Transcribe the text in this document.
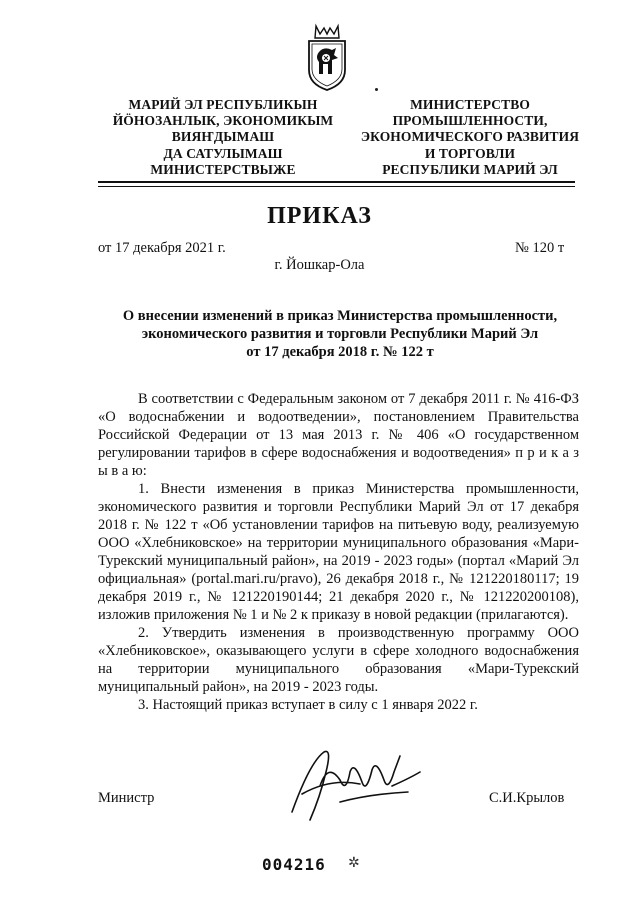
МАРИЙ ЭЛ РЕСПУБЛИКЫН
ЙӦНОЗАНЛЫК, ЭКОНОМИКЫМ
ВИЯҤДЫМАШ
ДА САТУЛЫМАШ
МИНИСТЕРСТВЫЖЕ
МИНИСТЕРСТВО
ПРОМЫШЛЕННОСТИ,
ЭКОНОМИЧЕСКОГО РАЗВИТИЯ
И ТОРГОВЛИ
РЕСПУБЛИКИ МАРИЙ ЭЛ
ПРИКАЗ
от 17 декабря 2021 г.	№ 120 т
г. Йошкар-Ола
О внесении изменений в приказ Министерства промышленности,
экономического развития и торговли Республики Марий Эл
от 17 декабря 2018 г. № 122 т

В соответствии с Федеральным законом от 7 декабря 2011 г. № 416-ФЗ «О водоснабжении и водоотведении», постановлением Правительства Российской Федерации от 13 мая 2013 г. № 406 «О государственном регулировании тарифов в сфере водоснабжения и водоотведения» п р и к а з ы в а ю:

1. Внести изменения в приказ Министерства промышленности, экономического развития и торговли Республики Марий Эл от 17 декабря 2018 г. № 122 т «Об установлении тарифов на питьевую воду, реализуемую ООО «Хлебниковское» на территории муниципального образования «Мари-Турекский муниципальный район», на 2019 - 2023 годы» (портал «Марий Эл официальная» (portal.mari.ru/pravo), 26 декабря 2018 г., № 121220180117; 19 декабря 2019 г., № 121220190144; 21 декабря 2020 г., № 121220200108), изложив приложения № 1 и № 2 к приказу в новой редакции (прилагаются).

2. Утвердить изменения в производственную программу ООО «Хлебниковское», оказывающего услуги в сфере холодного водоснабжения на территории муниципального образования «Мари-Турекский муниципальный район», на 2019 - 2023 годы.

3. Настоящий приказ вступает в силу с 1 января 2022 г.

Министр	С.И.Крылов
004216 ✲
